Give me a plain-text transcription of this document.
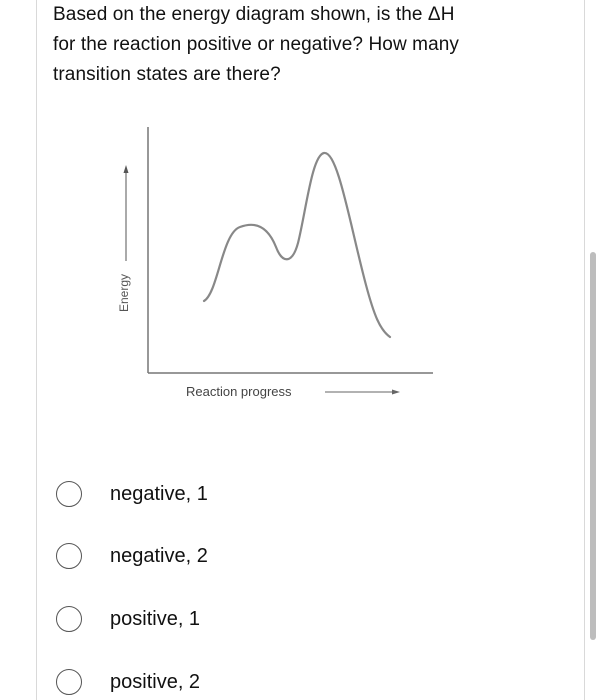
Based on the energy diagram shown, is the ΔH
for the reaction positive or negative? How many
transition states are there?
Energy
Reaction progress
negative, 1
negative, 2
positive, 1
positive, 2
